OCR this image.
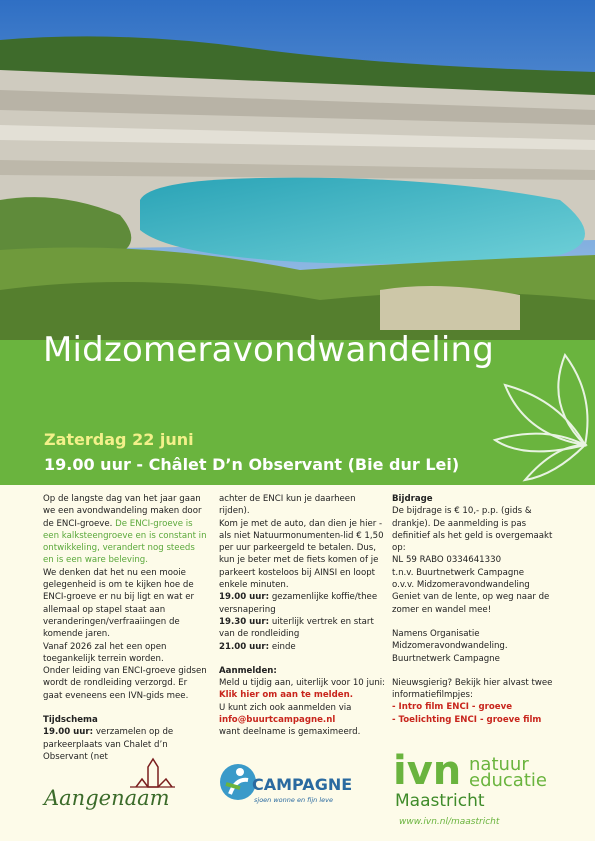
Midzomeravondwandeling
Zaterdag 22 juni
19.00 uur - Châlet D’n Observant (Bie dur Lei)

Op de langste dag van het jaar gaan we een avondwandeling maken door de ENCI-groeve. De ENCI-groeve is een kalksteengroeve en is constant in ontwikkeling, verandert nog steeds en is een ware beleving.

We denken dat het nu een mooie gelegenheid is om te kijken hoe de ENCI-groeve er nu bij ligt en wat er allemaal op stapel staat aan veranderingen/verfraaiingen de komende jaren.

Vanaf 2026 zal het een open toegankelijk terrein worden.

Onder leiding van ENCI-groeve gidsen wordt de rondleiding verzorgd. Er gaat eveneens een IVN-gids mee.

Tijdschema

19.00 uur: verzamelen op de parkeerplaats van Chalet d’n Observant (net

achter de ENCI kun je daarheen rijden).

Kom je met de auto, dan dien je hier - als niet Natuurmonumenten-lid € 1,50 per uur parkeergeld te betalen. Dus, kun je beter met de fiets komen of je parkeert kosteloos bij AINSI en loopt enkele minuten.

19.00 uur: gezamenlijke koffie/thee versnapering

19.30 uur: uiterlijk vertrek en start van de rondleiding

21.00 uur: einde

Aanmelden:

Meld u tijdig aan, uiterlijk voor 10 juni:

Klik hier om aan te melden.

U kunt zich ook aanmelden via

info@buurtcampagne.nl

want deelname is gemaximeerd.

Bijdrage

De bijdrage is € 10,- p.p. (gids & drankje). De aanmelding is pas definitief als het geld is overgemaakt op:

NL 59 RABO 0334641330

t.n.v. Buurtnetwerk Campagne

o.v.v. Midzomeravondwandeling

Geniet van de lente, op weg naar de zomer en wandel mee!

Namens Organisatie Midzomeravondwandeling.

Buurtnetwerk Campagne

Nieuwsgierig? Bekijk hier alvast twee informatiefilmpjes:

- Intro film ENCI - groeve

- Toelichting ENCI - groeve film

Aangenaam
CAMPAGNE
sjoen wonne en fijn leve
ivn natuur
educatie
Maastricht
www.ivn.nl/maastricht
